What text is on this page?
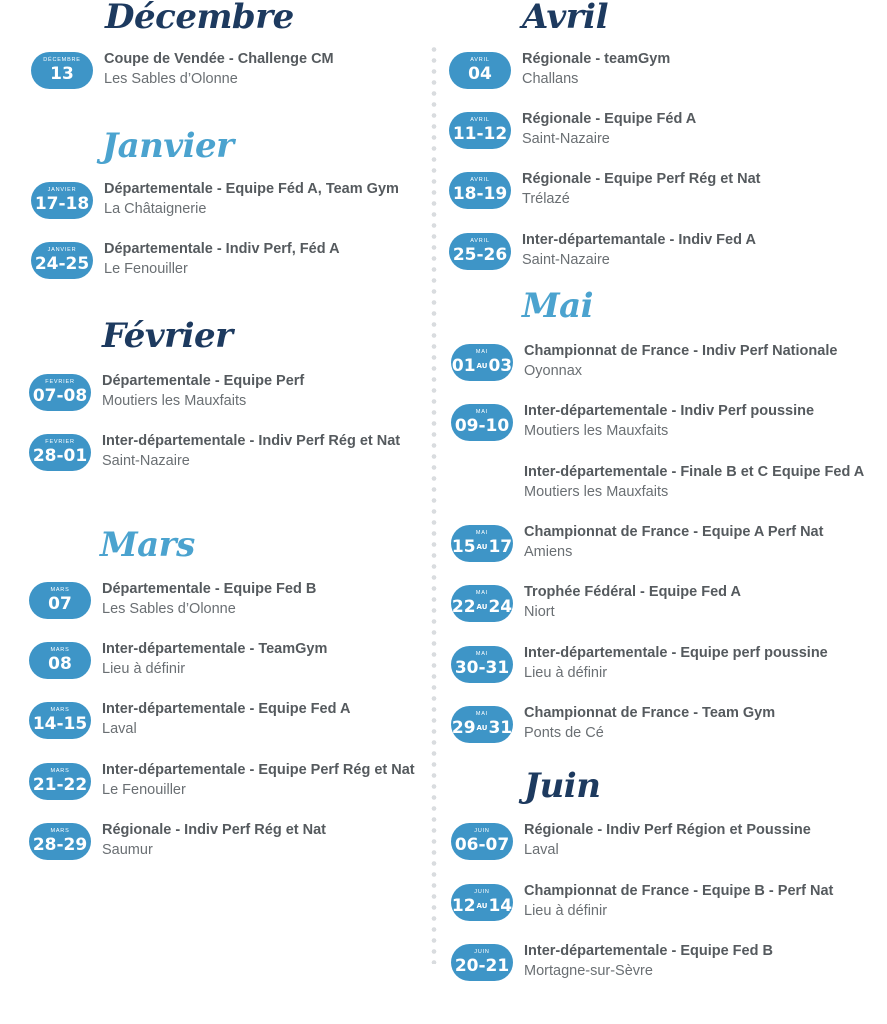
Décembre
DÉCEMBRE
13
Coupe de Vendée - Challenge CM
Les Sables d’Olonne
Janvier
JANVIER
17-18
Départementale - Equipe Féd A, Team Gym
La Châtaignerie
JANVIER
24-25
Départementale - Indiv Perf, Féd A
Le Fenouiller
Février
FEVRIER
07-08
Départementale - Equipe Perf
Moutiers les Mauxfaits
FEVRIER
28-01
Inter-départementale - Indiv Perf Rég et Nat
Saint-Nazaire
Mars
MARS
07
Départementale - Equipe Fed B
Les Sables d’Olonne
MARS
08
Inter-départementale - TeamGym
Lieu à définir
MARS
14-15
Inter-départementale - Equipe Fed A
Laval
MARS
21-22
Inter-départementale - Equipe Perf Rég et Nat
Le Fenouiller
MARS
28-29
Régionale - Indiv Perf Rég et Nat
Saumur
Avril
AVRIL
04
Régionale - teamGym
Challans
AVRIL
11-12
Régionale - Equipe Féd A
Saint-Nazaire
AVRIL
18-19
Régionale - Equipe Perf Rég et Nat
Trélazé
AVRIL
25-26
Inter-départemantale - Indiv Fed A
Saint-Nazaire
Mai
MAI
01AU03
Championnat de France - Indiv Perf Nationale
Oyonnax
MAI
09-10
Inter-départementale - Indiv Perf poussine
Moutiers les Mauxfaits
Inter-départementale - Finale B et C Equipe Fed A
Moutiers les Mauxfaits
MAI
15AU17
Championnat de France - Equipe A Perf Nat
Amiens
MAI
22AU24
Trophée Fédéral - Equipe Fed A
Niort
MAI
30-31
Inter-départementale - Equipe perf poussine
Lieu à définir
MAI
29AU31
Championnat de France - Team Gym
Ponts de Cé
Juin
JUIN
06-07
Régionale - Indiv Perf Région et Poussine
Laval
JUIN
12AU14
Championnat de France - Equipe B - Perf Nat
Lieu à définir
JUIN
20-21
Inter-départementale - Equipe Fed B
Mortagne-sur-Sèvre
